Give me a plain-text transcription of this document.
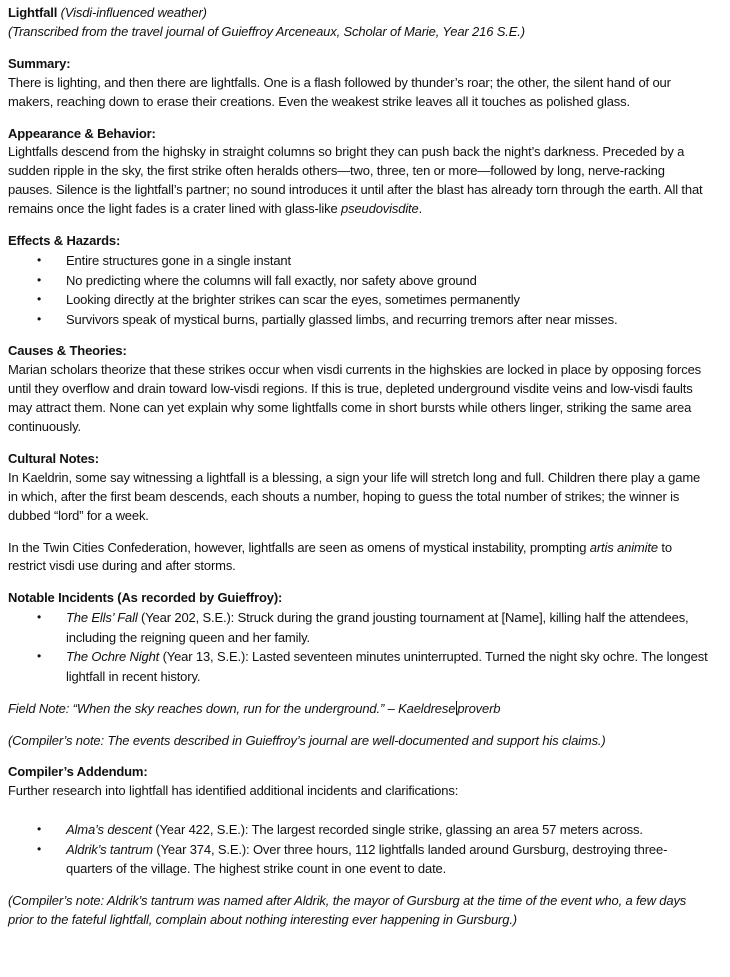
Lightfall (Visdi-influenced weather)

(Transcribed from the travel journal of Guieffroy Arceneaux, Scholar of Marie, Year 216 S.E.)

Summary:

There is lighting, and then there are lightfalls. One is a flash followed by thunder’s roar; the other, the silent hand of our makers, reaching down to erase their creations. Even the weakest strike leaves all it touches as polished glass.

Appearance & Behavior:

Lightfalls descend from the highsky in straight columns so bright they can push back the night’s darkness. Preceded by a sudden ripple in the sky, the first strike often heralds others—two, three, ten or more—followed by long, nerve-racking pauses. Silence is the lightfall’s partner; no sound introduces it until after the blast has already torn through the earth. All that remains once the light fades is a crater lined with glass-like pseudovisdite.

Effects & Hazards:

• Entire structures gone in a single instant
• No predicting where the columns will fall exactly, nor safety above ground
• Looking directly at the brighter strikes can scar the eyes, sometimes permanently
• Survivors speak of mystical burns, partially glassed limbs, and recurring tremors after near misses.

Causes & Theories:

Marian scholars theorize that these strikes occur when visdi currents in the highskies are locked in place by opposing forces until they overflow and drain toward low-visdi regions. If this is true, depleted underground visdite veins and low-visdi faults may attract them. None can yet explain why some lightfalls come in short bursts while others linger, striking the same area continuously.

Cultural Notes:

In Kaeldrin, some say witnessing a lightfall is a blessing, a sign your life will stretch long and full. Children there play a game in which, after the first beam descends, each shouts a number, hoping to guess the total number of strikes; the winner is dubbed “lord” for a week.

In the Twin Cities Confederation, however, lightfalls are seen as omens of mystical instability, prompting artis animite to restrict visdi use during and after storms.

Notable Incidents (As recorded by Guieffroy):

• The Ells’ Fall (Year 202, S.E.): Struck during the grand jousting tournament at [Name], killing half the attendees, including the reigning queen and her family.
• The Ochre Night (Year 13, S.E.): Lasted seventeen minutes uninterrupted. Turned the night sky ochre. The longest lightfall in recent history.

Field Note: “When the sky reaches down, run for the underground.” – Kaeldrese proverb

(Compiler’s note: The events described in Guieffroy’s journal are well-documented and support his claims.)

Compiler’s Addendum:

Further research into lightfall has identified additional incidents and clarifications:

• Alma’s descent (Year 422, S.E.): The largest recorded single strike, glassing an area 57 meters across.
• Aldrik’s tantrum (Year 374, S.E.): Over three hours, 112 lightfalls landed around Gursburg, destroying three-quarters of the village. The highest strike count in one event to date.

(Compiler’s note: Aldrik’s tantrum was named after Aldrik, the mayor of Gursburg at the time of the event who, a few days prior to the fateful lightfall, complain about nothing interesting ever happening in Gursburg.)
